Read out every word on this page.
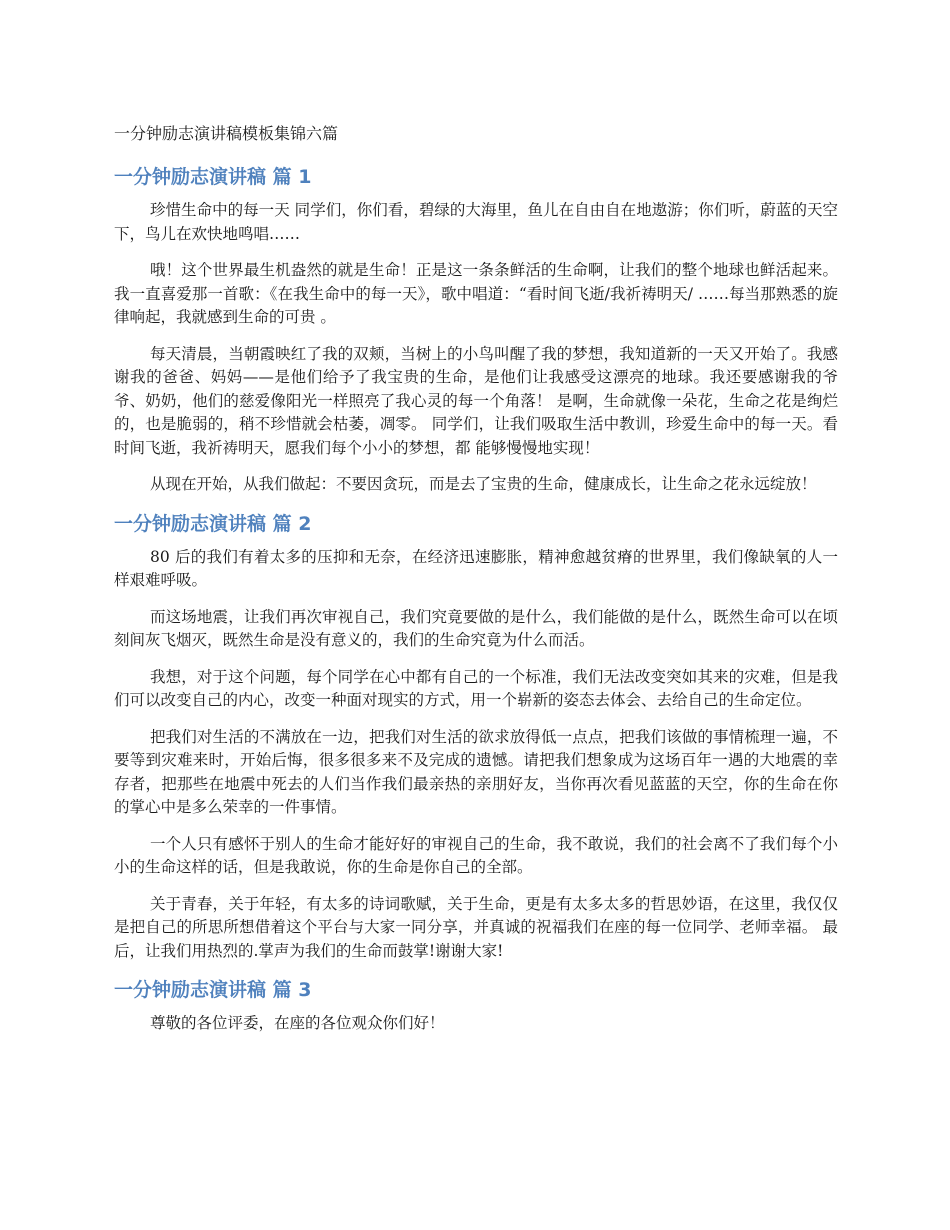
一分钟励志演讲稿模板集锦六篇
一分钟励志演讲稿 篇 1

珍惜生命中的每一天 同学们，你们看，碧绿的大海里，鱼儿在自由自在地遨游；你们听，蔚蓝的天空下，鸟儿在欢快地鸣唱……

哦！这个世界最生机盎然的就是生命！正是这一条条鲜活的生命啊，让我们的整个地球也鲜活起来。 我一直喜爱那一首歌：《在我生命中的每一天》，歌中唱道：“看时间飞逝/我祈祷明天/ ……每当那熟悉的旋律响起，我就感到生命的可贵 。

每天清晨，当朝霞映红了我的双颊，当树上的小鸟叫醒了我的梦想，我知道新的一天又开始了。我感谢我的爸爸、妈妈——是他们给予了我宝贵的生命，是他们让我感受这漂亮的地球。我还要感谢我的爷爷、奶奶，他们的慈爱像阳光一样照亮了我心灵的每一个角落！ 是啊，生命就像一朵花，生命之花是绚烂的，也是脆弱的，稍不珍惜就会枯萎，凋零。 同学们，让我们吸取生活中教训，珍爱生命中的每一天。看时间飞逝，我祈祷明天，愿我们每个小小的梦想，都 能够慢慢地实现！

从现在开始，从我们做起：不要因贪玩，而是去了宝贵的生命，健康成长，让生命之花永远绽放！

一分钟励志演讲稿 篇 2

80 后的我们有着太多的压抑和无奈，在经济迅速膨胀，精神愈越贫瘠的世界里，我们像缺氧的人一样艰难呼吸。

而这场地震，让我们再次审视自己，我们究竟要做的是什么，我们能做的是什么，既然生命可以在顷刻间灰飞烟灭，既然生命是没有意义的，我们的生命究竟为什么而活。

我想，对于这个问题，每个同学在心中都有自己的一个标准，我们无法改变突如其来的灾难，但是我们可以改变自己的内心，改变一种面对现实的方式，用一个崭新的姿态去体会、去给自己的生命定位。

把我们对生活的不满放在一边，把我们对生活的欲求放得低一点点，把我们该做的事情梳理一遍，不要等到灾难来时，开始后悔，很多很多来不及完成的遗憾。请把我们想象成为这场百年一遇的大地震的幸存者，把那些在地震中死去的人们当作我们最亲热的亲朋好友，当你再次看见蓝蓝的天空，你的生命在你的掌心中是多么荣幸的一件事情。

一个人只有感怀于别人的生命才能好好的审视自己的生命，我不敢说，我们的社会离不了我们每个小小的生命这样的话，但是我敢说，你的生命是你自己的全部。

关于青春，关于年轻，有太多的诗词歌赋，关于生命，更是有太多太多的哲思妙语，在这里，我仅仅是把自己的所思所想借着这个平台与大家一同分享，并真诚的祝福我们在座的每一位同学、老师幸福。 最后，让我们用热烈的.掌声为我们的生命而鼓掌!谢谢大家!

一分钟励志演讲稿 篇 3

尊敬的各位评委，在座的各位观众你们好！
